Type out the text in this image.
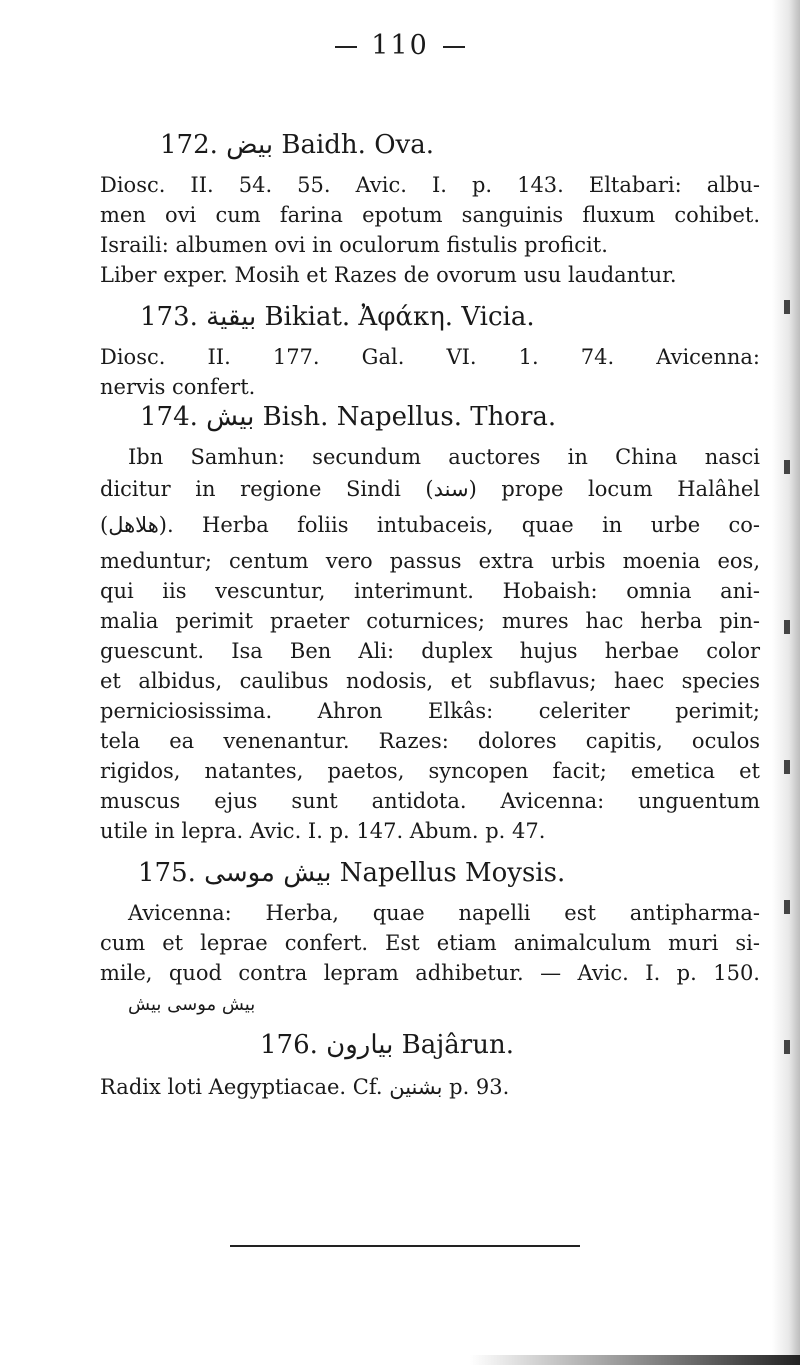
110
172. بيض Baidh. Ova.
Diosc. II. 54. 55. Avic. I. p. 143. Eltabari: albu-
men ovi cum farina epotum sanguinis fluxum cohibet.
Israili: albumen ovi in oculorum fistulis proficit.
Liber exper. Mosih et Razes de ovorum usu laudantur.
173. بيقية Bikiat. Ἀφάκη. Vicia.
Diosc. II. 177. Gal. VI. 1. 74. Avicenna:
nervis confert.
174. بيش Bish. Napellus. Thora.
Ibn Samhun: secundum auctores in China nasci
dicitur in regione Sindi (سند) prope locum Halâhel
(هلاهل). Herba foliis intubaceis, quae in urbe co-
meduntur; centum vero passus extra urbis moenia eos,
qui iis vescuntur, interimunt. Hobaish: omnia ani-
malia perimit praeter coturnices; mures hac herba pin-
guescunt. Isa Ben Ali: duplex hujus herbae color
et albidus, caulibus nodosis, et subflavus; haec species
perniciosissima. Ahron Elkâs: celeriter perimit;
tela ea venenantur. Razes: dolores capitis, oculos
rigidos, natantes, paetos, syncopen facit; emetica et
muscus ejus sunt antidota. Avicenna: unguentum
utile in lepra. Avic. I. p. 147. Abum. p. 47.
175. بيش موسى Napellus Moysis.
Avicenna: Herba, quae napelli est antipharma-
cum et leprae confert. Est etiam animalculum muri si-
mile, quod contra lepram adhibetur. — Avic. I. p. 150.
بيش موسى بيش
176. بيارون Bajârun.
Radix loti Aegyptiacae. Cf. بشنين p. 93.
